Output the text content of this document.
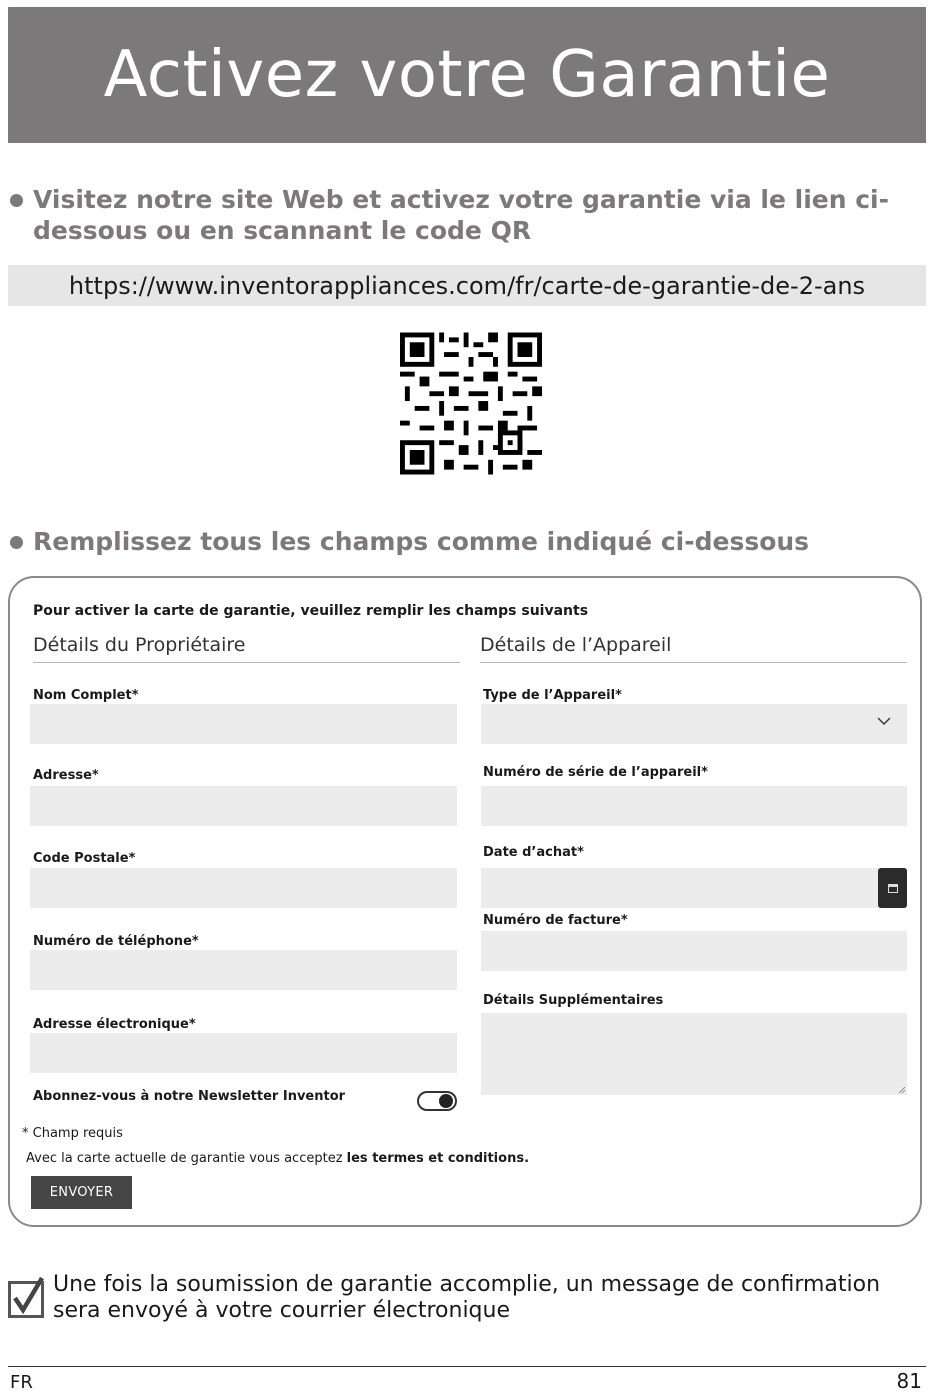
Activez votre Garantie
Visitez notre site Web et activez votre garantie via le lien ci-dessous ou en scannant le code QR
https://www.inventorappliances.com/fr/carte-de-garantie-de-2-ans
Remplissez tous les champs comme indiqué ci-dessous
Pour activer la carte de garantie, veuillez remplir les champs suivants
Détails du Propriétaire	Détails de l’Appareil
Nom Complet*
Adresse*
Code Postale*
Numéro de téléphone*
Adresse électronique*
Abonnez-vous à notre Newsletter Inventor
Type de l’Appareil*
Numéro de série de l’appareil*
Date d’achat*
Numéro de facture*
Détails Supplémentaires
* Champ requis
Avec la carte actuelle de garantie vous acceptez les termes et conditions.
ENVOYER
Une fois la soumission de garantie accomplie, un message de confirmation sera envoyé à votre courrier électronique
FR	81
